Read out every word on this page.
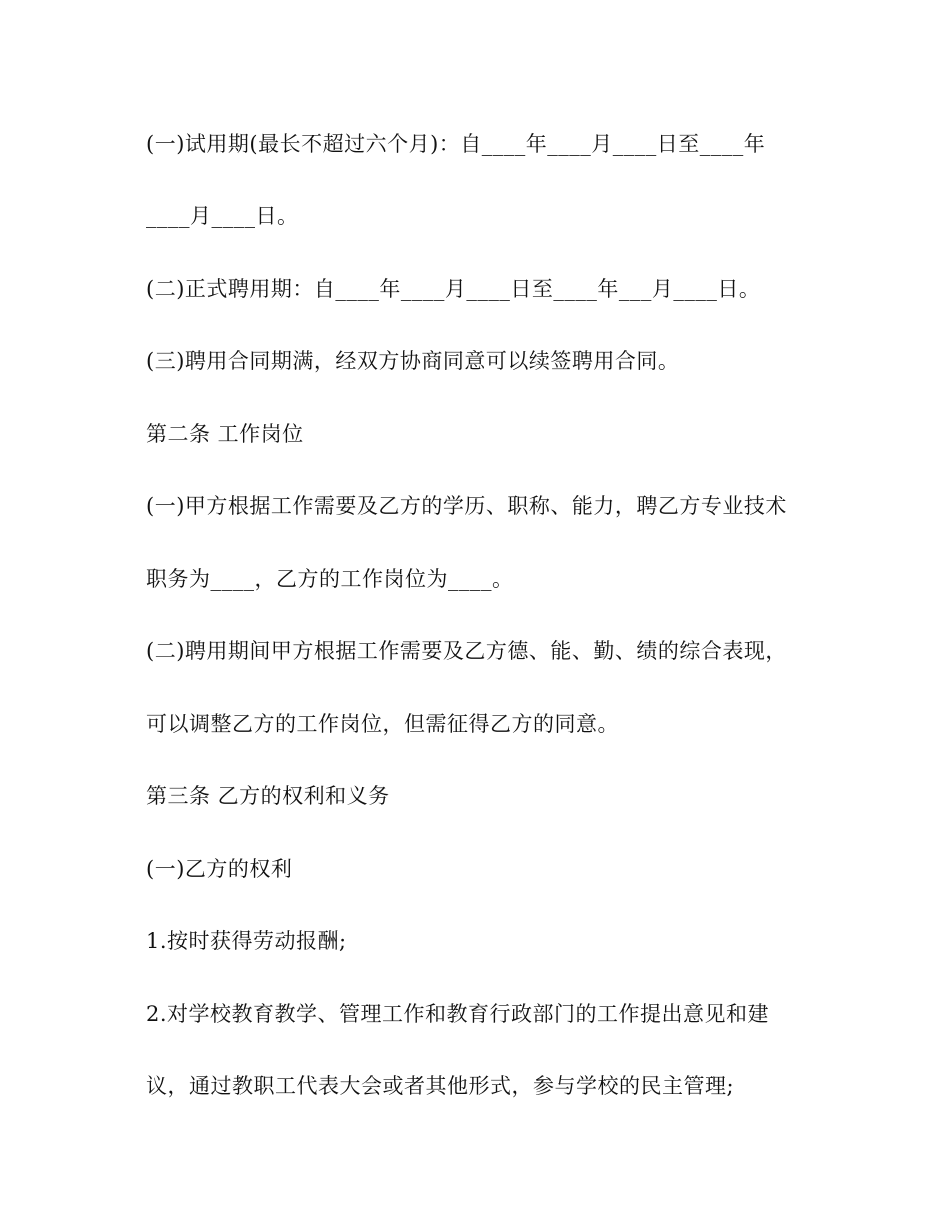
(一)试用期(最长不超过六个月)：自____年____月____日至____年

____月____日。

(二)正式聘用期：自____年____月____日至____年___月____日。

(三)聘用合同期满，经双方协商同意可以续签聘用合同。

第二条 工作岗位

(一)甲方根据工作需要及乙方的学历、职称、能力，聘乙方专业技术

职务为____，乙方的工作岗位为____。

(二)聘用期间甲方根据工作需要及乙方德、能、勤、绩的综合表现，

可以调整乙方的工作岗位，但需征得乙方的同意。

第三条 乙方的权利和义务

(一)乙方的权利

1.按时获得劳动报酬;

2.对学校教育教学、管理工作和教育行政部门的工作提出意见和建

议，通过教职工代表大会或者其他形式，参与学校的民主管理;
